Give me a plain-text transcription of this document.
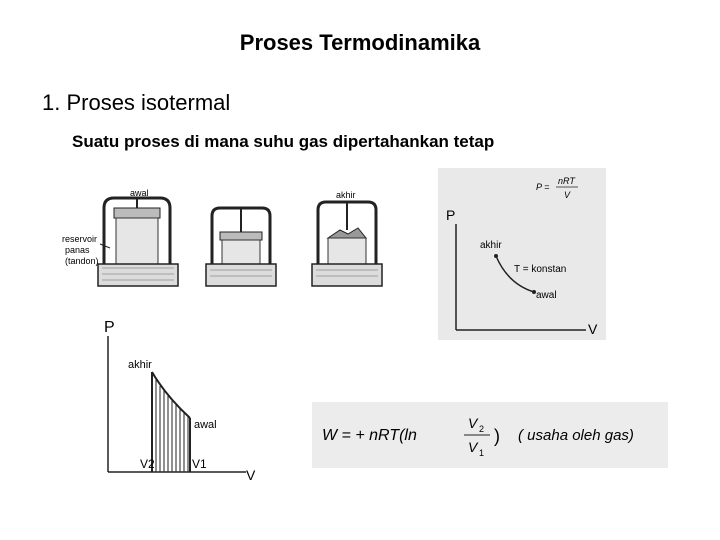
Proses Termodinamika
1. Proses isotermal
Suatu proses di mana suhu gas dipertahankan tetap
awal
reservoir
panas
(tandon)
akhir
P =
nRT
V
P
V
akhir
T = konstan
awal
P
V
akhir
awal
V2	V1
W = + nRT(ln
V 2
V 1
) ( usaha oleh gas)
